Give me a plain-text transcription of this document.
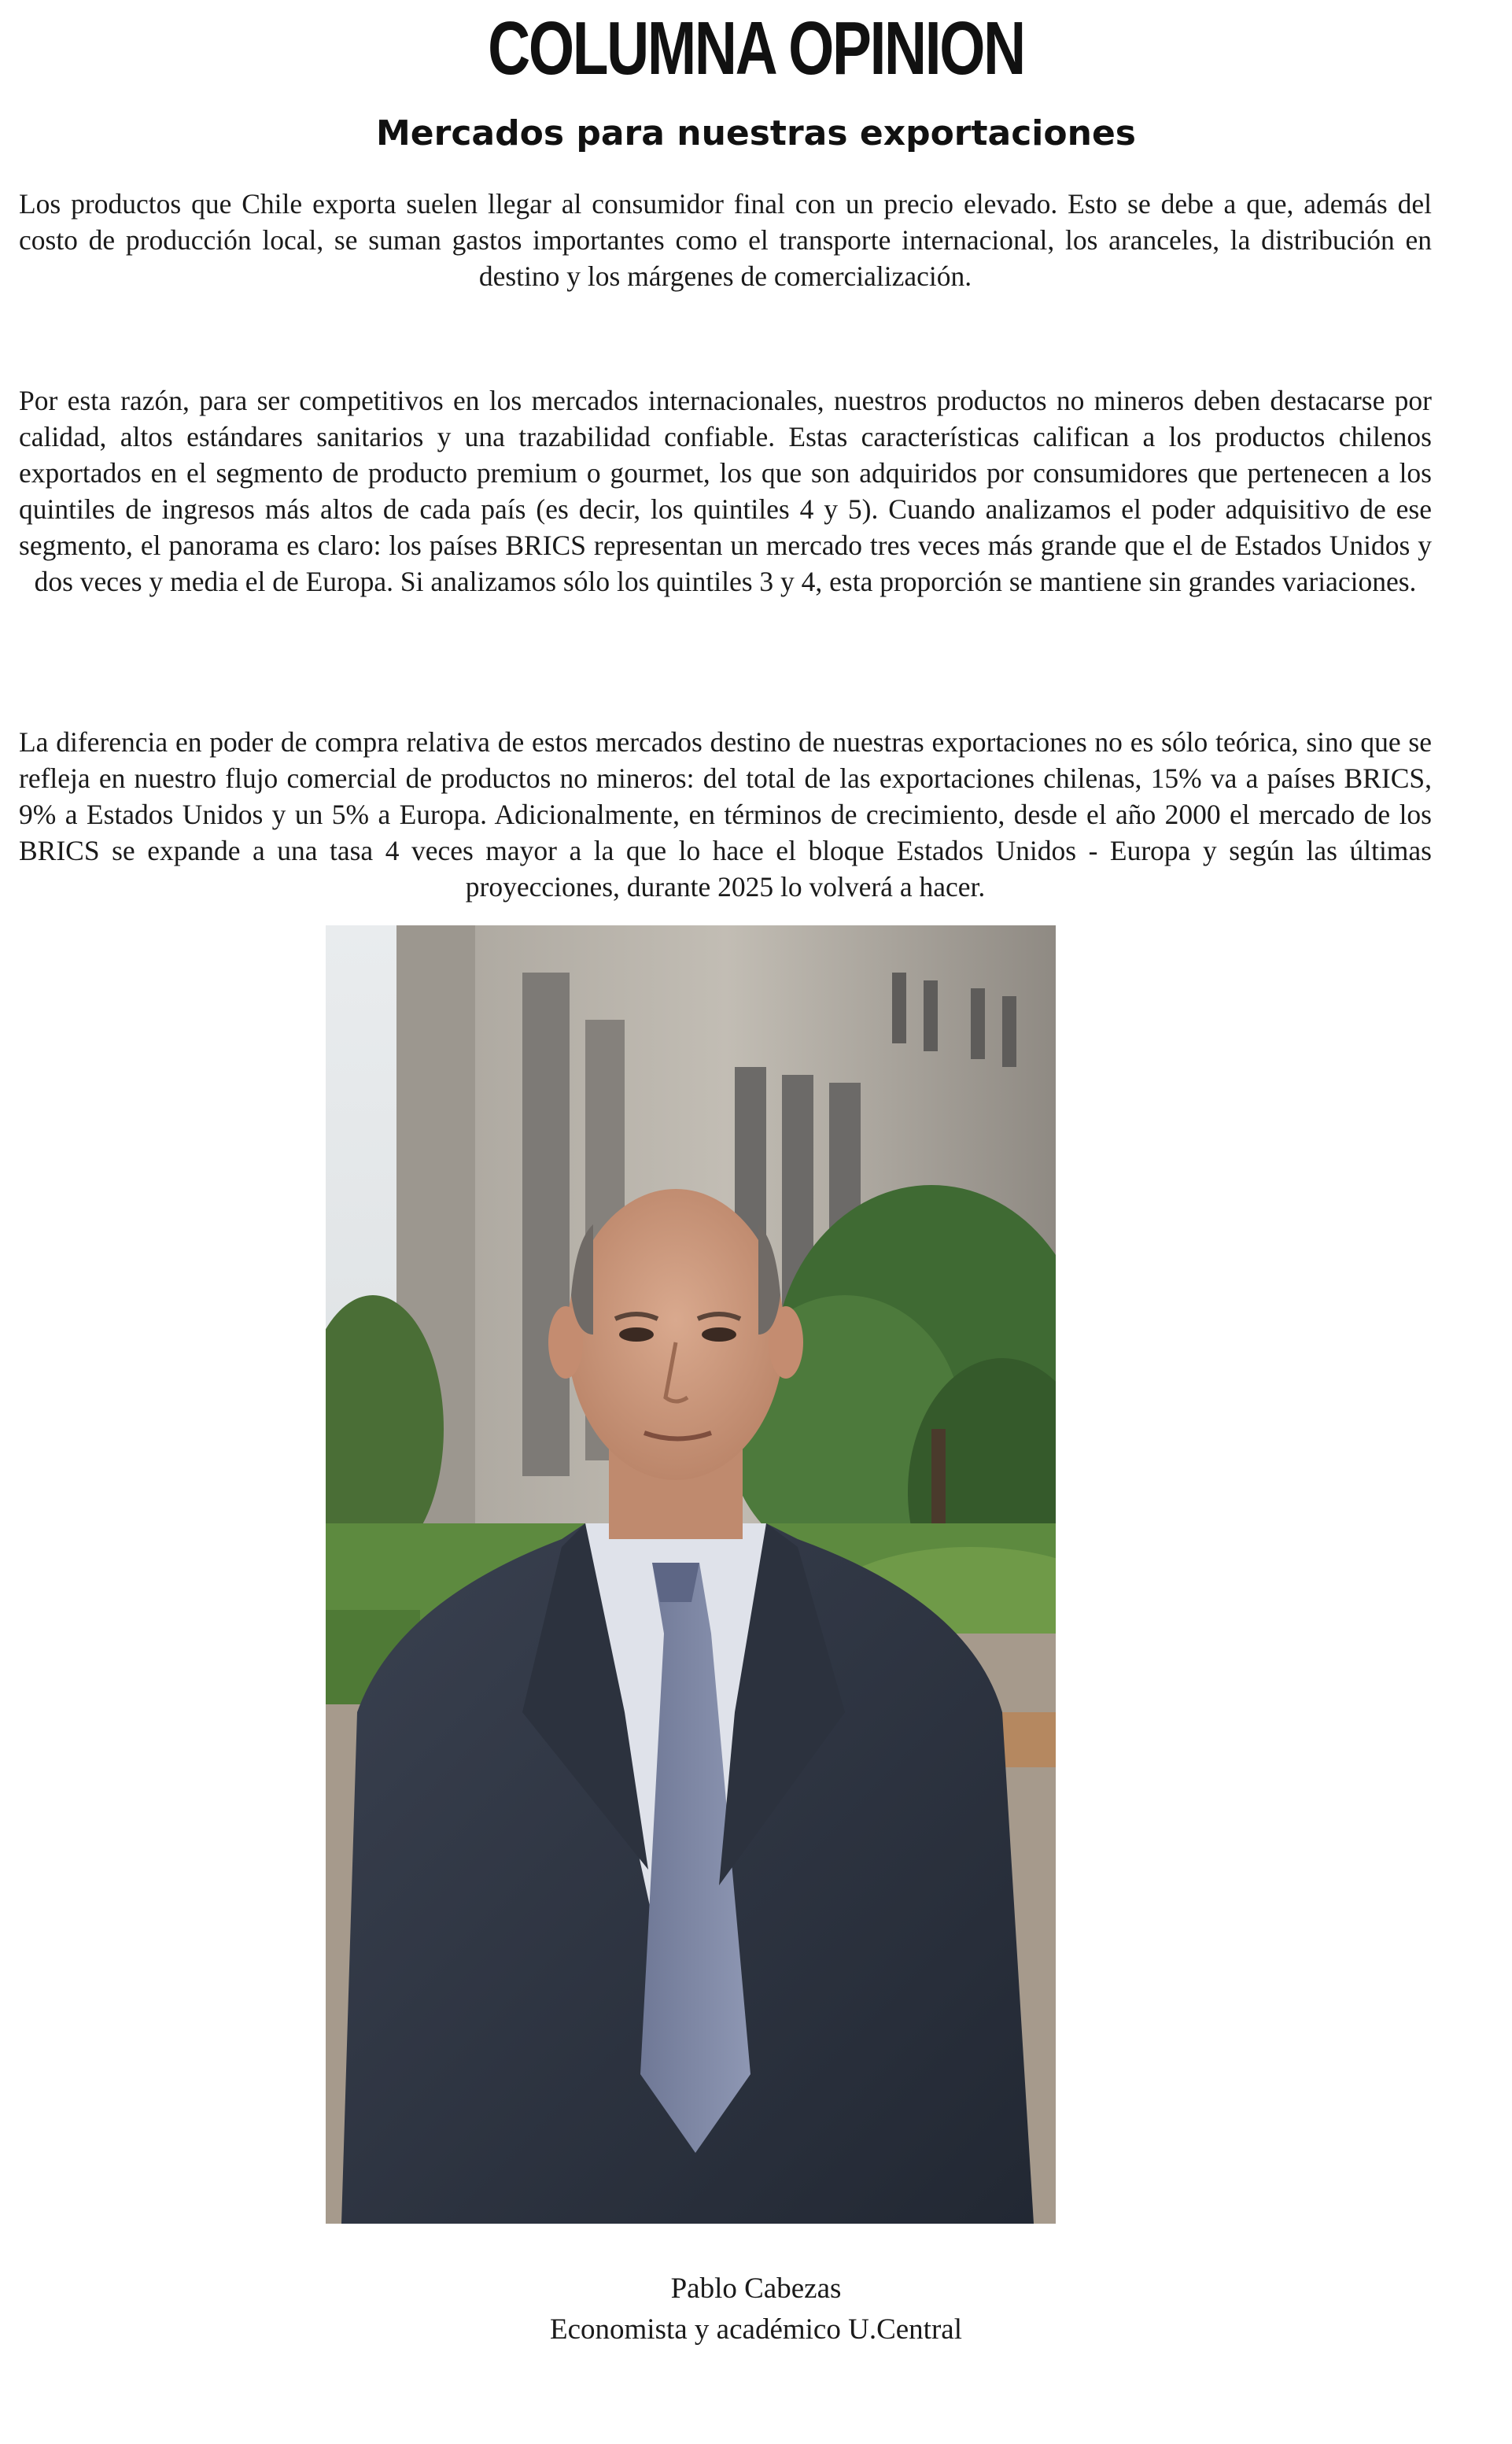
COLUMNA OPINION
Mercados para nuestras exportaciones

Los productos que Chile exporta suelen llegar al consumidor final con un precio elevado. Esto se debe a que, además del costo de producción local, se suman gastos importantes como el transporte internacional, los aranceles, la distribución en destino y los márgenes de comercialización.

Por esta razón, para ser competitivos en los mercados internacionales, nuestros productos no mineros deben destacarse por calidad, altos estándares sanitarios y una trazabilidad confiable. Estas características califican a los productos chilenos exportados en el segmento de producto premium o gourmet, los que son adquiridos por consumidores que pertenecen a los quintiles de ingresos más altos de cada país (es decir, los quintiles 4 y 5). Cuando analizamos el poder adquisitivo de ese segmento, el panorama es claro: los países BRICS representan un mercado tres veces más grande que el de Estados Unidos y dos veces y media el de Europa. Si analizamos sólo los quintiles 3 y 4, esta proporción se mantiene sin grandes variaciones.

La diferencia en poder de compra relativa de estos mercados destino de nuestras exportaciones no es sólo teórica, sino que se refleja en nuestro flujo comercial de productos no mineros: del total de las exportaciones chilenas, 15% va a países BRICS, 9% a Estados Unidos y un 5% a Europa. Adicionalmente, en términos de crecimiento, desde el año 2000 el mercado de los BRICS se expande a una tasa 4 veces mayor a la que lo hace el bloque Estados Unidos - Europa y según las últimas proyecciones, durante 2025 lo volverá a hacer.

Pablo Cabezas

Economista y académico U.Central
